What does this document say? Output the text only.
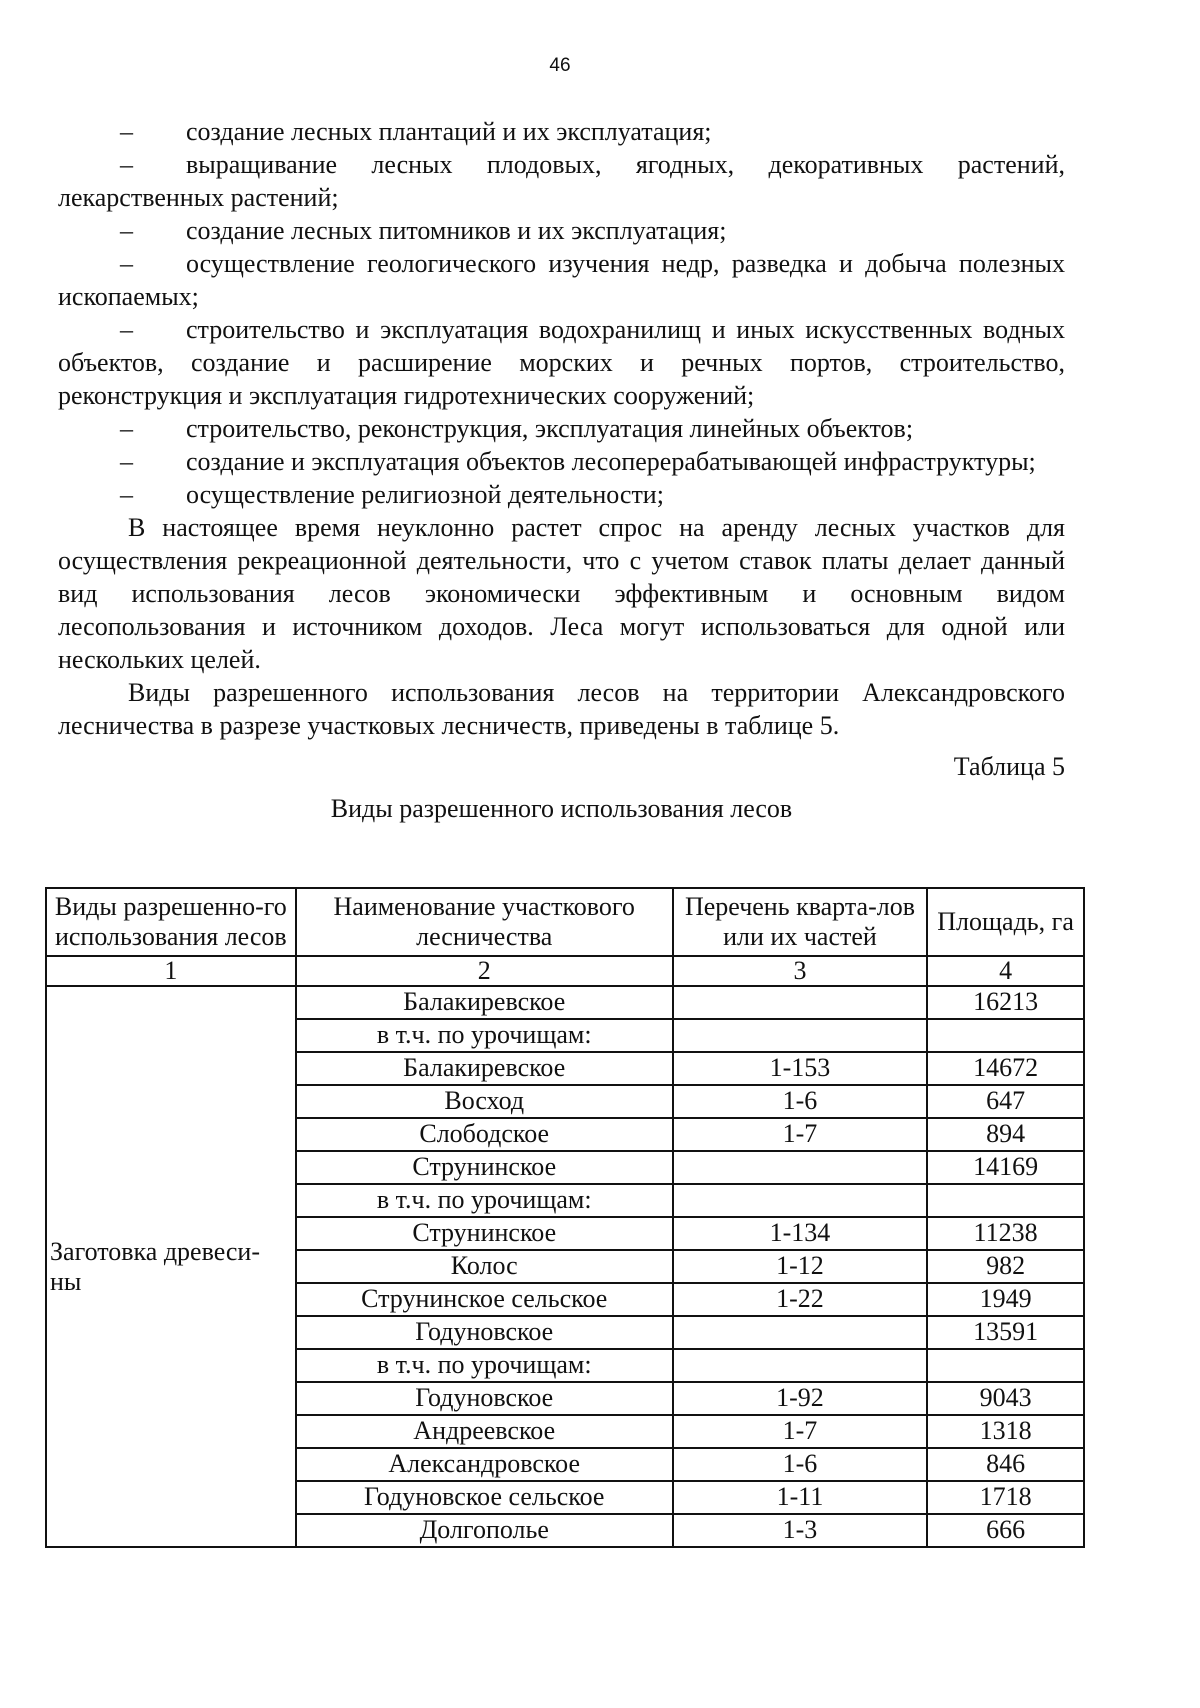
46

– создание лесных плантаций и их эксплуатация;

– выращивание лесных плодовых, ягодных, декоративных растений, лекарственных растений;

– создание лесных питомников и их эксплуатация;

– осуществление геологического изучения недр, разведка и добыча полезных ископаемых;

– строительство и эксплуатация водохранилищ и иных искусственных водных объектов, создание и расширение морских и речных портов, строительство, реконструкция и эксплуатация гидротехнических сооружений;

– строительство, реконструкция, эксплуатация линейных объектов;

– создание и эксплуатация объектов лесоперерабатывающей инфраструктуры;

– осуществление религиозной деятельности;

В настоящее время неуклонно растет спрос на аренду лесных участков для осуществления рекреационной деятельности, что с учетом ставок платы делает данный вид использования лесов экономически эффективным и основным видом лесопользования и источником доходов. Леса могут использоваться для одной или нескольких целей.

Виды разрешенного использования лесов на территории Александровского лесничества в разрезе участковых лесничеств, приведены в таблице 5.

Таблица 5
Виды разрешенного использования лесов
Виды разрешенно-го использования лесов	Наименование участкового лесничества	Перечень кварта-лов или их частей	Площадь, га
1	2	3	4
Заготовка древеси-ны	Балакиревское		16213
	в т.ч. по урочищам:		
	Балакиревское	1-153	14672
	Восход	1-6	647
	Слободское	1-7	894
	Струнинское		14169
	в т.ч. по урочищам:		
	Струнинское	1-134	11238
	Колос	1-12	982
	Струнинское сельское	1-22	1949
	Годуновское		13591
	в т.ч. по урочищам:		
	Годуновское	1-92	9043
	Андреевское	1-7	1318
	Александровское	1-6	846
	Годуновское сельское	1-11	1718
	Долгополье	1-3	666
